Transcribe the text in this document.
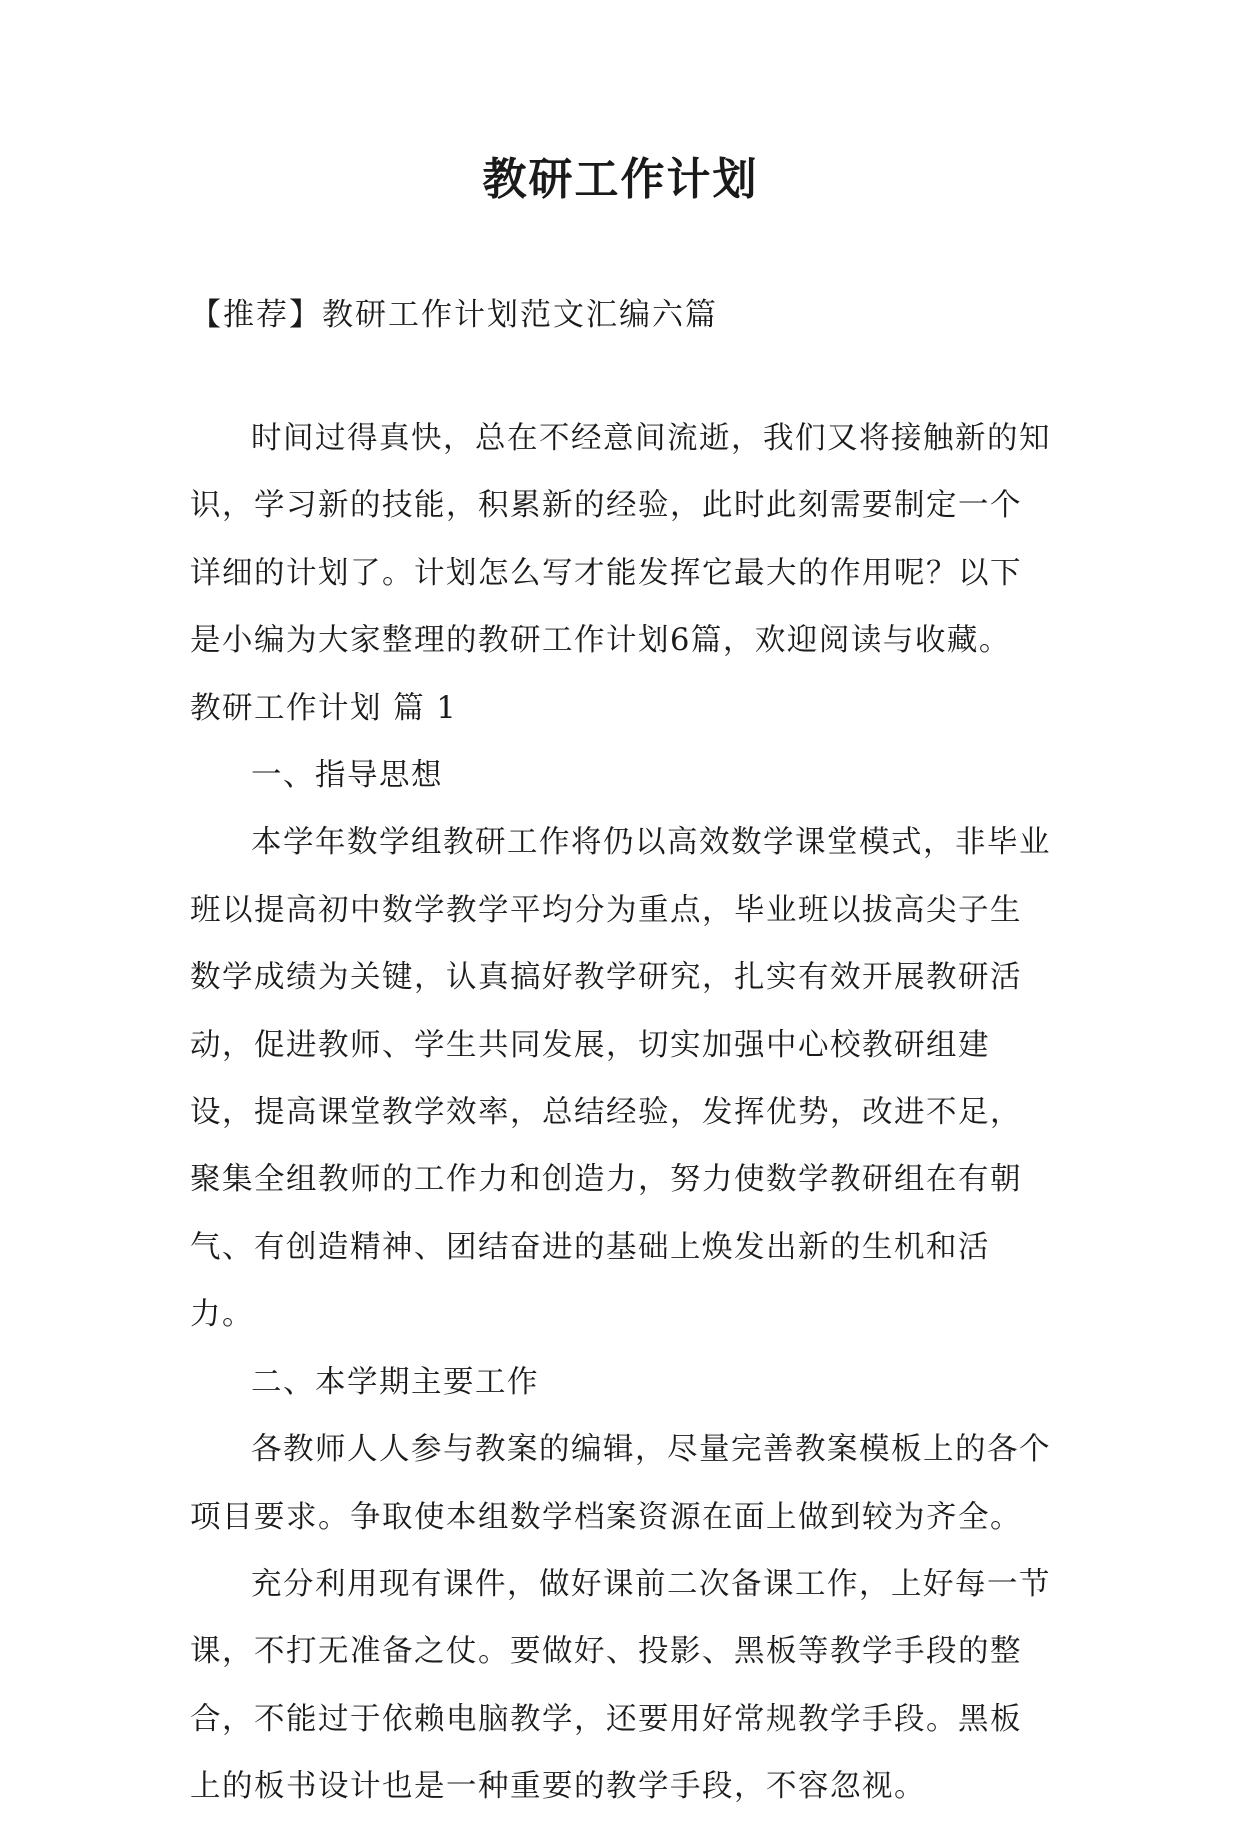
教研工作计划
【推荐】教研工作计划范文汇编六篇

时间过得真快，总在不经意间流逝，我们又将接触新的知识，学习新的技能，积累新的经验，此时此刻需要制定一个详细的计划了。计划怎么写才能发挥它最大的作用呢？以下是小编为大家整理的教研工作计划6篇，欢迎阅读与收藏。

教研工作计划 篇 1

一、指导思想

本学年数学组教研工作将仍以高效数学课堂模式，非毕业班以提高初中数学教学平均分为重点，毕业班以拔高尖子生数学成绩为关键，认真搞好教学研究，扎实有效开展教研活动，促进教师、学生共同发展，切实加强中心校教研组建设，提高课堂教学效率，总结经验，发挥优势，改进不足，聚集全组教师的工作力和创造力，努力使数学教研组在有朝气、有创造精神、团结奋进的基础上焕发出新的生机和活力。

二、本学期主要工作

各教师人人参与教案的编辑，尽量完善教案模板上的各个项目要求。争取使本组数学档案资源在面上做到较为齐全。

充分利用现有课件，做好课前二次备课工作，上好每一节课，不打无准备之仗。要做好、投影、黑板等教学手段的整合，不能过于依赖电脑教学，还要用好常规教学手段。黑板上的板书设计也是一种重要的教学手段，不容忽视。
